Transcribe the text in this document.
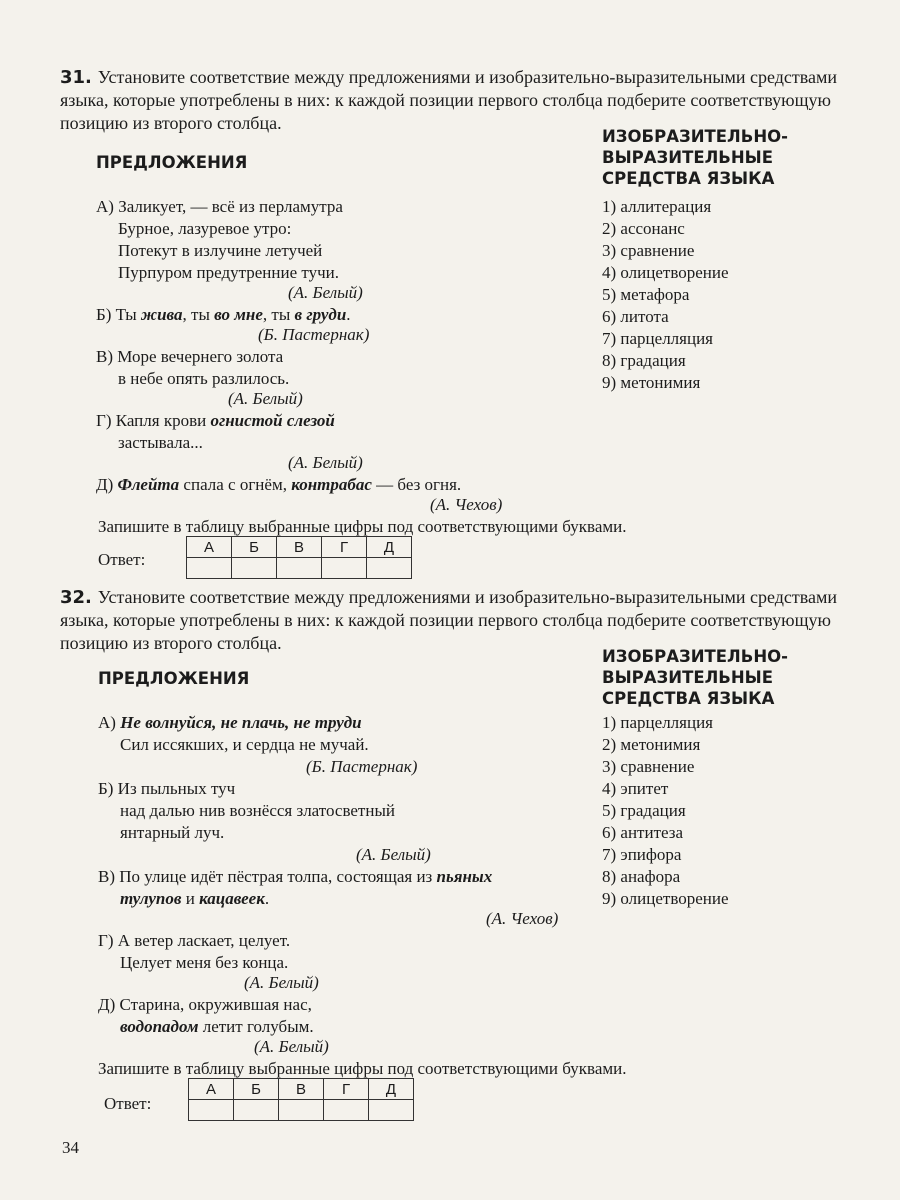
31. Установите соответствие между предложениями и изобразительно-выразительными средствами языка, которые употреблены в них: к каждой позиции первого столбца подберите соответствующую позицию из второго столбца.
ПРЕДЛОЖЕНИЯ
ИЗОБРАЗИТЕЛЬНО-ВЫРАЗИТЕЛЬНЫЕ СРЕДСТВА ЯЗЫКА
А) Заликует, — всё из перламутра
Бурное, лазуревое утро:
Потекут в излучине летучей
Пурпуром предутренние тучи.
(А. Белый)
Б) Ты жива, ты во мне, ты в груди.
(Б. Пастернак)
В) Море вечернего золота
в небе опять разлилось.
(А. Белый)
Г) Капля крови огнистой слезой
застывала...
(А. Белый)
Д) Флейта спала с огнём, контрабас — без огня.
(А. Чехов)
1) аллитерация
2) ассонанс
3) сравнение
4) олицетворение
5) метафора
6) литота
7) парцелляция
8) градация
9) метонимия
Запишите в таблицу выбранные цифры под соответствующими буквами.
Ответ:
А	Б	В	Г	Д

32. Установите соответствие между предложениями и изобразительно-выразительными средствами языка, которые употреблены в них: к каждой позиции первого столбца подберите соответствующую позицию из второго столбца.
ПРЕДЛОЖЕНИЯ
ИЗОБРАЗИТЕЛЬНО-ВЫРАЗИТЕЛЬНЫЕ СРЕДСТВА ЯЗЫКА
А) Не волнуйся, не плачь, не труди
Сил иссякших, и сердца не мучай.
(Б. Пастернак)
Б) Из пыльных туч
над далью нив вознёсся златосветный
янтарный луч.
(А. Белый)
В) По улице идёт пёстрая толпа, состоящая из пьяных
тулупов и кацавеек.
(А. Чехов)
Г) А ветер ласкает, целует.
Целует меня без конца.
(А. Белый)
Д) Старина, окружившая нас,
водопадом летит голубым.
(А. Белый)
1) парцелляция
2) метонимия
3) сравнение
4) эпитет
5) градация
6) антитеза
7) эпифора
8) анафора
9) олицетворение
Запишите в таблицу выбранные цифры под соответствующими буквами.
Ответ:
А	Б	В	Г	Д

34
